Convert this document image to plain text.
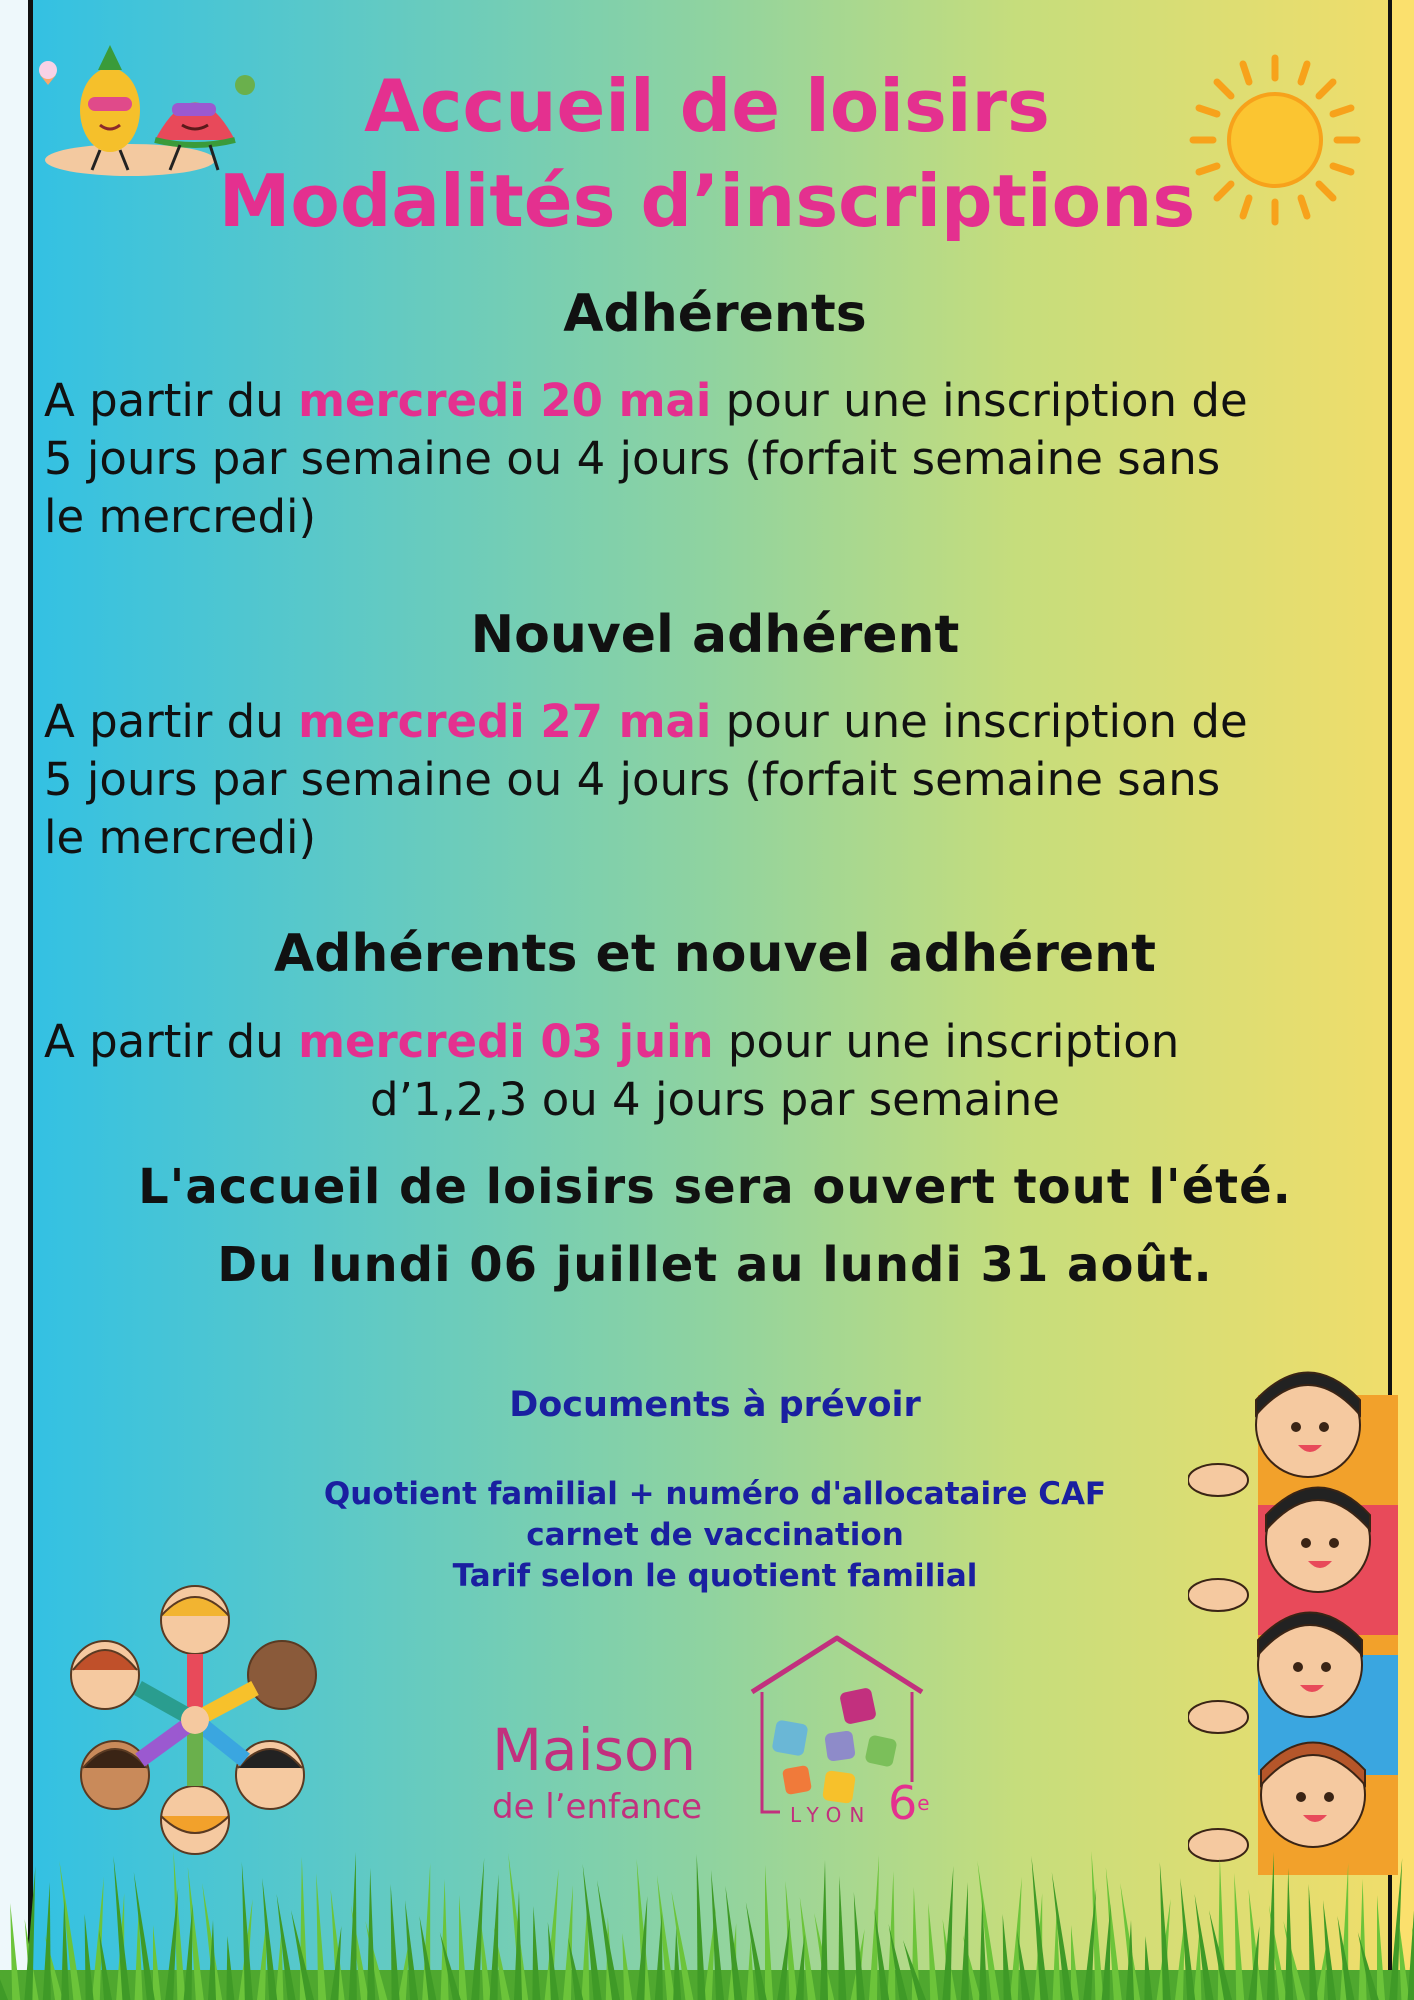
Accueil de loisirs
Modalités d’inscriptions
Adhérents
A partir du mercredi 20 mai pour une inscription de
5 jours par semaine ou 4 jours (forfait semaine sans
le mercredi)
Nouvel adhérent
A partir du mercredi 27 mai pour une inscription de
5 jours par semaine ou 4 jours (forfait semaine sans
le mercredi)
Adhérents et nouvel adhérent
A partir du mercredi 03 juin pour une inscription
d’1,2,3 ou 4 jours par semaine
L'accueil de loisirs sera ouvert tout l'été.
Du lundi 06 juillet au lundi 31 août.
Documents à prévoir
Quotient familial + numéro d'allocataire CAF
carnet de vaccination
Tarif selon le quotient familial
Maison
de l’enfance	LYON 6e
